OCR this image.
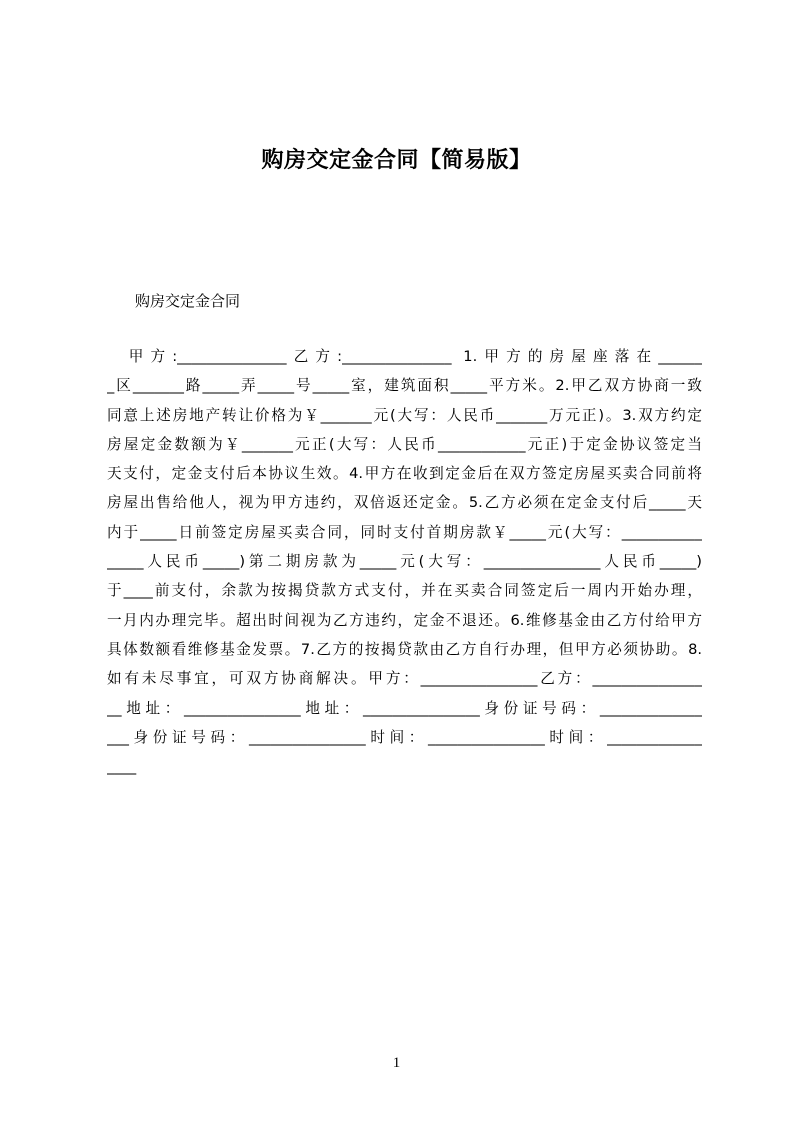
购房交定金合同【简易版】
购房交定金合同
　甲方:_______________乙方:_______________ 1.甲方的房屋座落在______
_区_______路_____弄_____号_____室，建筑面积_____平方米。2.甲乙双方协商一致
同意上述房地产转让价格为￥_______元(大写：人民币_______万元正)。3.双方约定
房屋定金数额为￥_______元正(大写：人民币____________元正)于定金协议签定当
天支付，定金支付后本协议生效。4.甲方在收到定金后在双方签定房屋买卖合同前将
房屋出售给他人，视为甲方违约，双倍返还定金。5.乙方必须在定金支付后_____天
内于_____日前签定房屋买卖合同，同时支付首期房款￥_____元(大写：___________
_____人民币_____)第二期房款为_____元(大写：________________人民币_____)
于____前支付，余款为按揭贷款方式支付，并在买卖合同签定后一周内开始办理，
一月内办理完毕。超出时间视为乙方违约，定金不退还。6.维修基金由乙方付给甲方
具体数额看维修基金发票。7.乙方的按揭贷款由乙方自行办理，但甲方必须协助。8.
如有未尽事宜，可双方协商解决。甲方：________________乙方：_______________
__地址：________________地址：________________身份证号码：______________
___身份证号码：________________时间：________________时间：_____________
____
1
